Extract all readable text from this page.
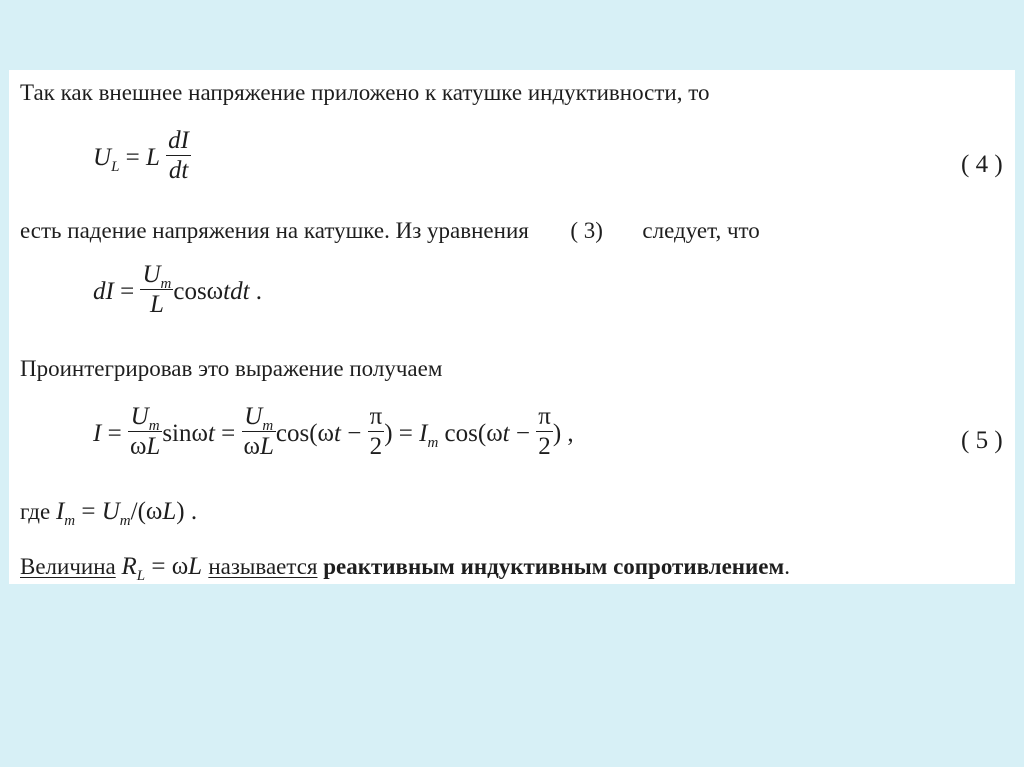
Так как внешнее напряжение приложено к катушке индуктивности, то
$U_L = L \frac{dI}{dt}$	( 4 )
есть падение напряжения на катушке. Из уравнения ( 3) следует, что
dI = $\frac{U_m}{L}$ cosωtdt .
Проинтегрировав это выражение получаем
$I = \frac{U_m}{\omega L}$ $\sin\omega t = \frac{U_m}{\omega L} \cos(\omega t - \frac{\pi}{2}$ ) = $I_m$ $\cos(\omega t - \frac{\pi}{2}$ ) ,	( 5 )
где $I_m = U_m/(\omega L)$ .
Величина $R_L = \omega L$ называется реактивным индуктивным сопротивлением.
